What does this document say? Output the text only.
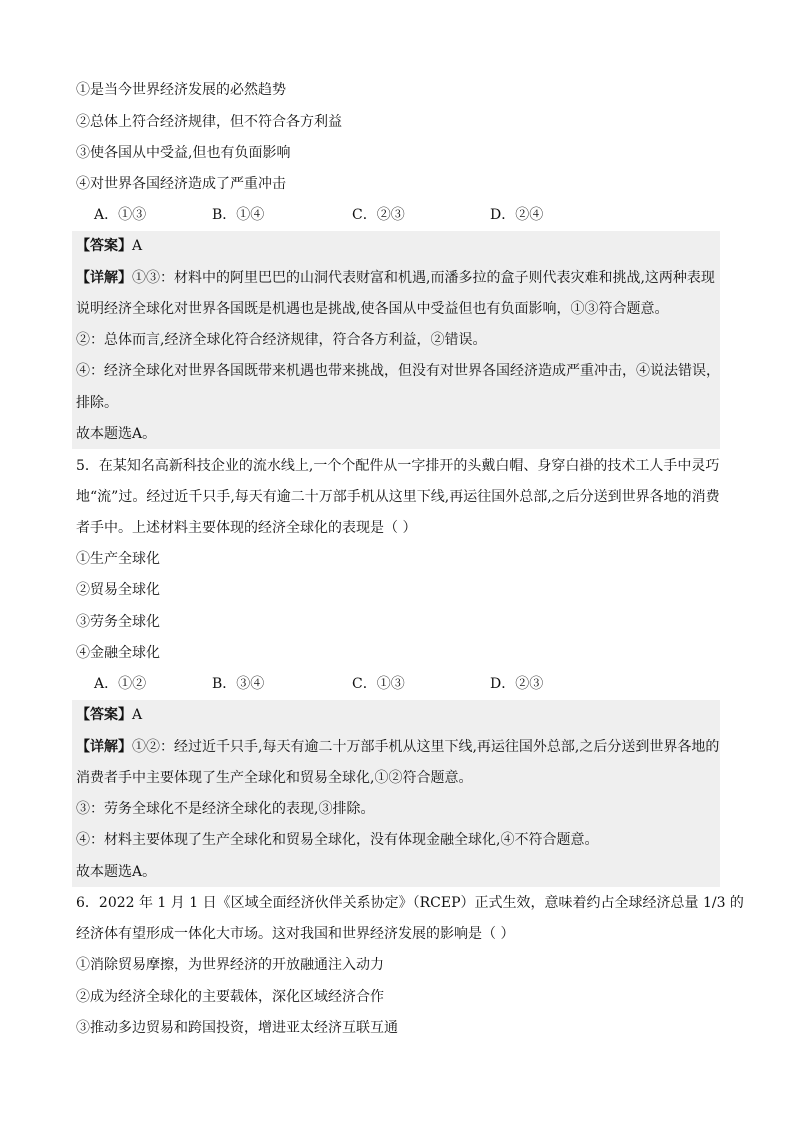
①是当今世界经济发展的必然趋势
②总体上符合经济规律，但不符合各方利益
③使各国从中受益,但也有负面影响
④对世界各国经济造成了严重冲击
A．①③	B．①④	C．②③	D．②④
【答案】A
【详解】①③：材料中的阿里巴巴的山洞代表财富和机遇,而潘多拉的盒子则代表灾难和挑战,这两种表现
说明经济全球化对世界各国既是机遇也是挑战,使各国从中受益但也有负面影响，①③符合题意。
②：总体而言,经济全球化符合经济规律，符合各方利益，②错误。
④：经济全球化对世界各国既带来机遇也带来挑战，但没有对世界各国经济造成严重冲击，④说法错误，
排除。
故本题选A。
5．在某知名高新科技企业的流水线上,一个个配件从一字排开的头戴白帽、身穿白褂的技术工人手中灵巧
地“流”过。经过近千只手,每天有逾二十万部手机从这里下线,再运往国外总部,之后分送到世界各地的消费
者手中。上述材料主要体现的经济全球化的表现是（ ）
①生产全球化
②贸易全球化
③劳务全球化
④金融全球化
A．①②	B．③④	C．①③	D．②③
【答案】A
【详解】①②：经过近千只手,每天有逾二十万部手机从这里下线,再运往国外总部,之后分送到世界各地的
消费者手中主要体现了生产全球化和贸易全球化,①②符合题意。
③：劳务全球化不是经济全球化的表现,③排除。
④：材料主要体现了生产全球化和贸易全球化，没有体现金融全球化,④不符合题意。
故本题选A。
6．2022 年 1 月 1 日《区域全面经济伙伴关系协定》（RCEP）正式生效，意味着约占全球经济总量 1/3 的
经济体有望形成一体化大市场。这对我国和世界经济发展的影响是（ ）
①消除贸易摩擦，为世界经济的开放融通注入动力
②成为经济全球化的主要载体，深化区域经济合作
③推动多边贸易和跨国投资，增进亚太经济互联互通
